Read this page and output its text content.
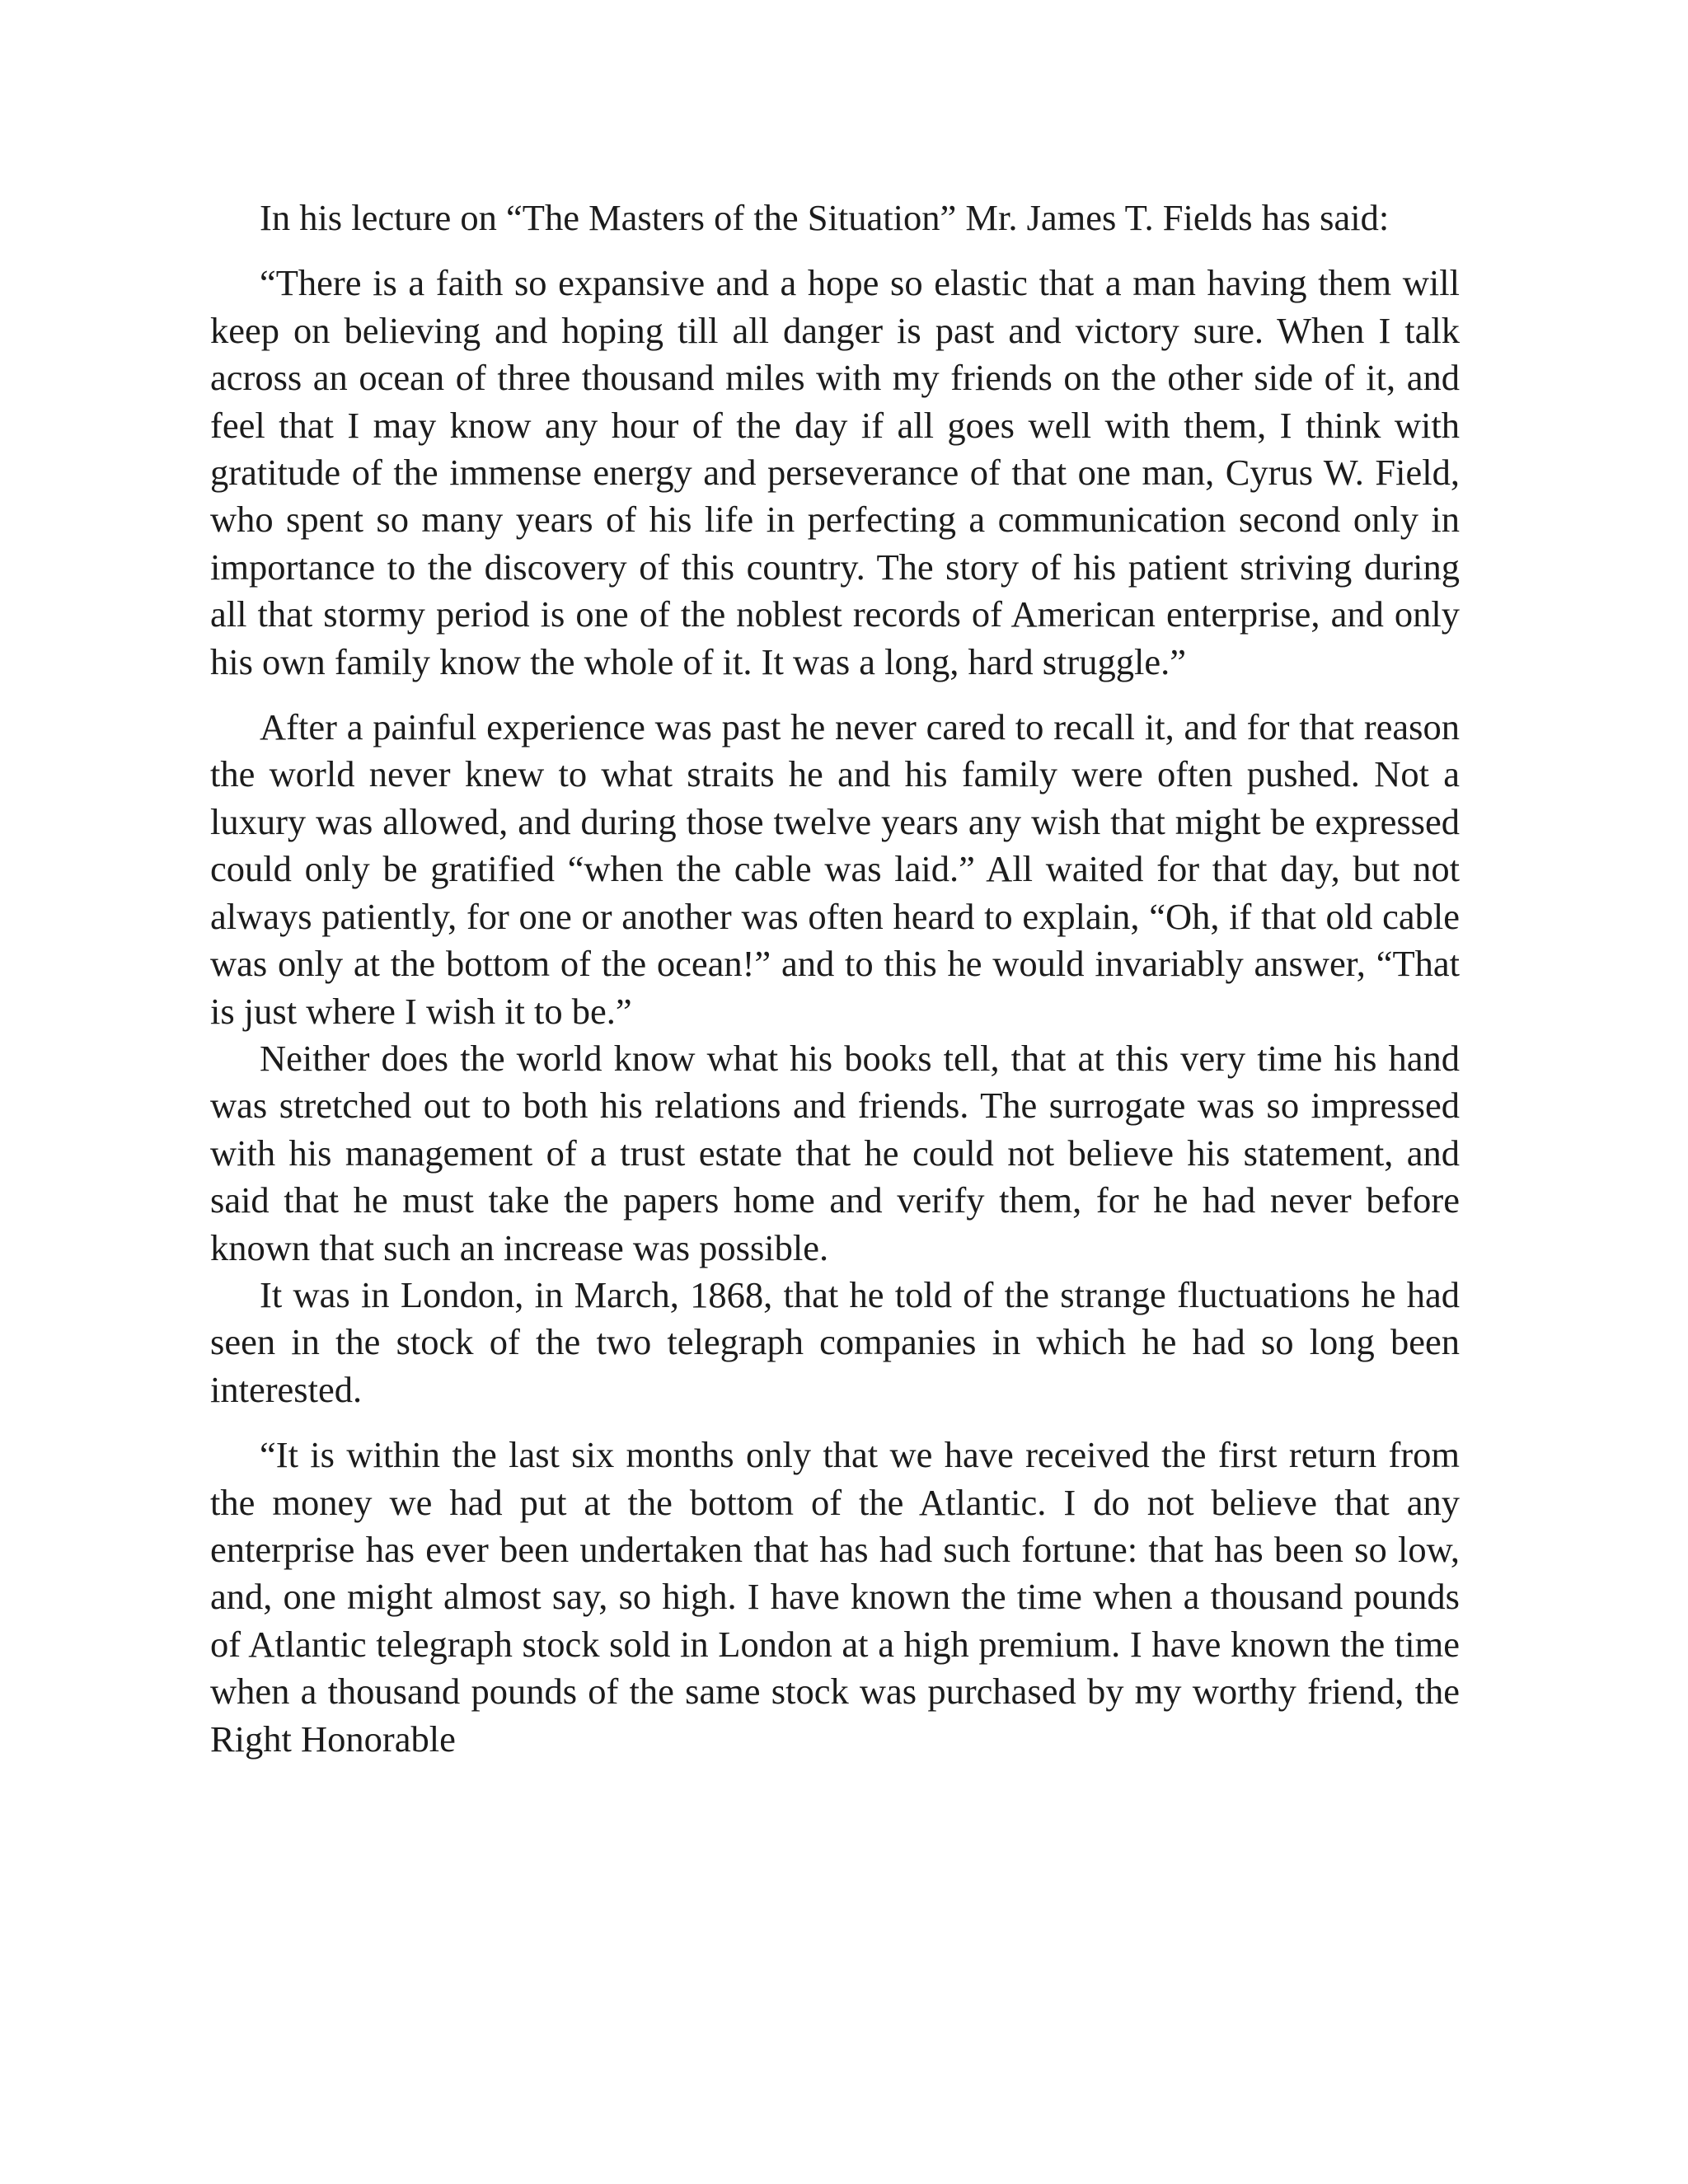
In his lecture on “The Masters of the Situation” Mr. James T. Fields has said:

“There is a faith so expansive and a hope so elastic that a man having them will keep on believing and hoping till all danger is past and victory sure. When I talk across an ocean of three thousand miles with my friends on the other side of it, and feel that I may know any hour of the day if all goes well with them, I think with gratitude of the immense energy and perseverance of that one man, Cyrus W. Field, who spent so many years of his life in perfecting a communication second only in importance to the discovery of this country. The story of his patient striving during all that stormy period is one of the noblest records of American enterprise, and only his own family know the whole of it. It was a long, hard struggle.”

After a painful experience was past he never cared to recall it, and for that reason the world never knew to what straits he and his family were often pushed. Not a luxury was allowed, and during those twelve years any wish that might be expressed could only be gratified “when the cable was laid.” All waited for that day, but not always patiently, for one or another was often heard to explain, “Oh, if that old cable was only at the bottom of the ocean!” and to this he would invariably answer, “That is just where I wish it to be.”

Neither does the world know what his books tell, that at this very time his hand was stretched out to both his relations and friends. The surrogate was so impressed with his management of a trust estate that he could not believe his statement, and said that he must take the papers home and verify them, for he had never before known that such an increase was possible.

It was in London, in March, 1868, that he told of the strange fluctuations he had seen in the stock of the two telegraph companies in which he had so long been interested.

“It is within the last six months only that we have received the first return from the money we had put at the bottom of the Atlantic. I do not believe that any enterprise has ever been undertaken that has had such fortune: that has been so low, and, one might almost say, so high. I have known the time when a thousand pounds of Atlantic telegraph stock sold in London at a high premium. I have known the time when a thousand pounds of the same stock was purchased by my worthy friend, the Right Honorable
